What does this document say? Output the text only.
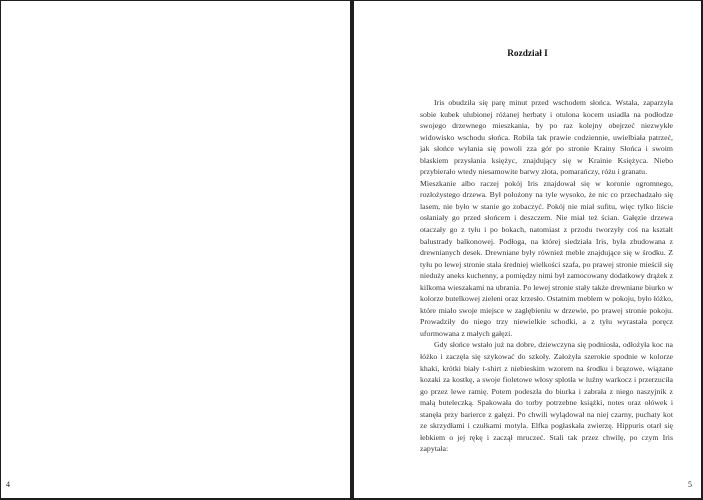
4
Rozdział I

Iris obudziła się parę minut przed wschodem słońca. Wstała, zaparzyła sobie kubek ulubionej różanej herbaty i otulona kocem usiadła na podłodze swojego drzewnego mieszkania, by po raz kolejny obejrzeć niezwykłe widowisko wschodu słońca. Robiła tak prawie codziennie, uwielbiała patrzeć, jak słońce wyłania się powoli zza gór po stronie Krainy Słońca i swoim blaskiem przysłania księżyc, znajdujący się w Krainie Księżyca. Niebo przybierało wtedy niesamowite barwy złota, pomarańczy, różu i granatu.

Mieszkanie albo raczej pokój Iris znajdował się w koronie ogromnego, rozłożystego drzewa. Był położony na tyle wysoko, że nic co przechadzało się lasem, nie było w stanie go zobaczyć. Pokój nie miał sufitu, więc tylko liście osłaniały go przed słońcem i deszczem. Nie miał też ścian. Gałęzie drzewa otaczały go z tyłu i po bokach, natomiast z przodu tworzyły coś na kształt balustrady balkonowej. Podłoga, na której siedziała Iris, była zbudowana z drewnianych desek. Drewniane były również meble znajdujące się w środku. Z tyłu po lewej stronie stała średniej wielkości szafa, po prawej stronie mieścił się nieduży aneks kuchenny, a pomiędzy nimi był zamocowany dodatkowy drążek z kilkoma wieszakami na ubrania. Po lewej stronie stały także drewniane biurko w kolorze butelkowej zieleni oraz krzesło. Ostatnim meblem w pokoju, było łóżko, które miało swoje miejsce w zagłębieniu w drzewie, po prawej stronie pokoju. Prowadziły do niego trzy niewielkie schodki, a z tyłu wyrastała poręcz uformowana z małych gałęzi.

Gdy słońce wstało już na dobre, dziewczyna się podniosła, odłożyła koc na łóżko i zaczęła się szykować do szkoły. Założyła szerokie spodnie w kolorze khaki, krótki biały t-shirt z niebieskim wzorem na środku i brązowe, wiązane kozaki za kostkę, a swoje fioletowe włosy splotła w luźny warkocz i przerzuciła go przez lewe ramię. Potem podeszła do biurka i zabrała z niego naszyjnik z małą buteleczką. Spakowała do torby potrzebne książki, notes oraz ołówek i stanęła przy barierce z gałęzi. Po chwili wylądował na niej czarny, puchaty kot ze skrzydłami i czułkami motyla. Elfka pogłaskała zwierzę. Hippuris otarł się łebkiem o jej rękę i zaczął mruczeć. Stali tak przez chwilę, po czym Iris zapytała:

5
